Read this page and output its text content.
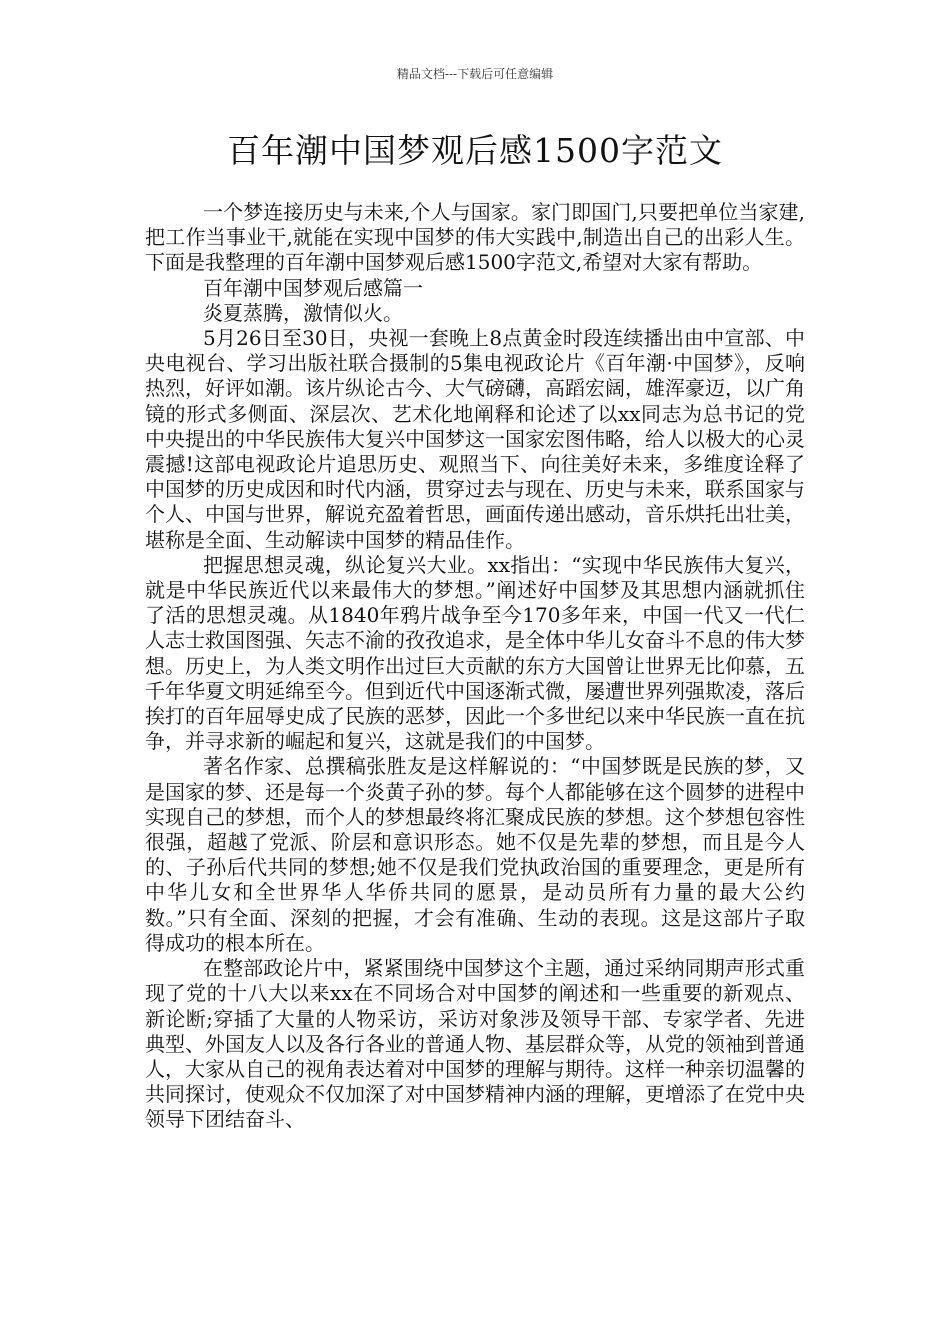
精品文档---下载后可任意编辑
百年潮中国梦观后感1500字范文

一个梦连接历史与未来,个人与国家。家门即国门,只要把单位当家建,把工作当事业干,就能在实现中国梦的伟大实践中,制造出自己的出彩人生。下面是我整理的百年潮中国梦观后感1500字范文,希望对大家有帮助。

百年潮中国梦观后感篇一

炎夏蒸腾，激情似火。

5月26日至30日，央视一套晚上8点黄金时段连续播出由中宣部、中央电视台、学习出版社联合摄制的5集电视政论片《百年潮·中国梦》，反响热烈，好评如潮。该片纵论古今、大气磅礴，高蹈宏阔，雄浑豪迈，以广角镜的形式多侧面、深层次、艺术化地阐释和论述了以xx同志为总书记的党中央提出的中华民族伟大复兴中国梦这一国家宏图伟略，给人以极大的心灵震撼!这部电视政论片追思历史、观照当下、向往美好未来，多维度诠释了中国梦的历史成因和时代内涵，贯穿过去与现在、历史与未来，联系国家与个人、中国与世界，解说充盈着哲思，画面传递出感动，音乐烘托出壮美，堪称是全面、生动解读中国梦的精品佳作。

把握思想灵魂，纵论复兴大业。xx指出：“实现中华民族伟大复兴，就是中华民族近代以来最伟大的梦想。”阐述好中国梦及其思想内涵就抓住了活的思想灵魂。从1840年鸦片战争至今170多年来，中国一代又一代仁人志士救国图强、矢志不渝的孜孜追求，是全体中华儿女奋斗不息的伟大梦想。历史上，为人类文明作出过巨大贡献的东方大国曾让世界无比仰慕，五千年华夏文明延绵至今。但到近代中国逐渐式微，屡遭世界列强欺凌，落后挨打的百年屈辱史成了民族的恶梦，因此一个多世纪以来中华民族一直在抗争，并寻求新的崛起和复兴，这就是我们的中国梦。

著名作家、总撰稿张胜友是这样解说的：“中国梦既是民族的梦，又是国家的梦、还是每一个炎黄子孙的梦。每个人都能够在这个圆梦的进程中实现自己的梦想，而个人的梦想最终将汇聚成民族的梦想。这个梦想包容性很强，超越了党派、阶层和意识形态。她不仅是先辈的梦想，而且是今人的、子孙后代共同的梦想;她不仅是我们党执政治国的重要理念，更是所有中华儿女和全世界华人华侨共同的愿景，是动员所有力量的最大公约数。”只有全面、深刻的把握，才会有准确、生动的表现。这是这部片子取得成功的根本所在。

在整部政论片中，紧紧围绕中国梦这个主题，通过采纳同期声形式重现了党的十八大以来xx在不同场合对中国梦的阐述和一些重要的新观点、新论断;穿插了大量的人物采访，采访对象涉及领导干部、专家学者、先进典型、外国友人以及各行各业的普通人物、基层群众等，从党的领袖到普通人，大家从自己的视角表达着对中国梦的理解与期待。这样一种亲切温馨的共同探讨，使观众不仅加深了对中国梦精神内涵的理解，更增添了在党中央领导下团结奋斗、
